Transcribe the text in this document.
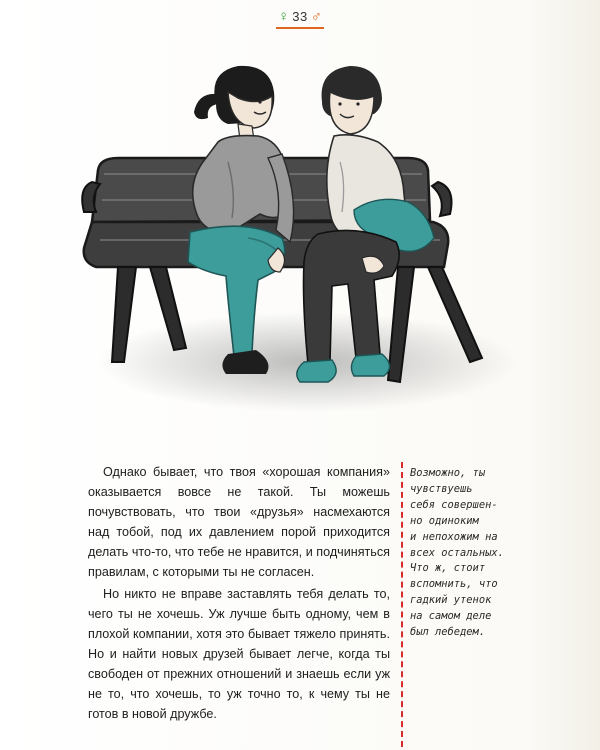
♀ 33 ♂

Однако бывает, что твоя «хорошая компания» оказывается вовсе не такой. Ты можешь почувствовать, что твои «друзья» насмехаются над тобой, под их давлением порой приходится делать что-то, что тебе не нравится, и подчиняться правилам, с которыми ты не согласен.

Но никто не вправе заставлять тебя делать то, чего ты не хочешь. Уж лучше быть одному, чем в плохой компании, хотя это бывает тяжело принять. Но и найти новых друзей бывает легче, когда ты свободен от прежних отношений и знаешь если уж не то, что хочешь, то уж точно то, к чему ты не готов в новой дружбе.

Возможно, ты
чувствуешь
себя совершен-
но одиноким
и непохожим на
всех остальных.
Что ж, стоит
вспомнить, что
гадкий утенок
на самом деле
был лебедем.
